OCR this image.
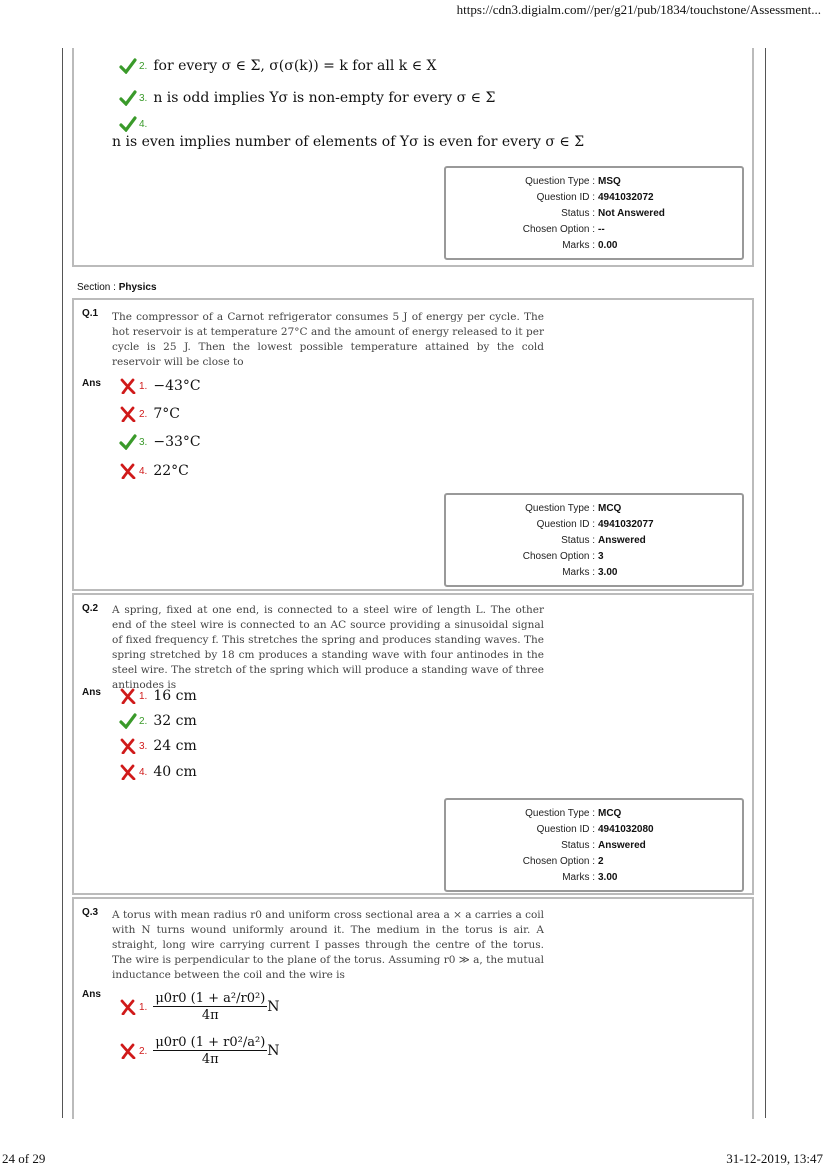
https://cdn3.digialm.com//per/g21/pub/1834/touchstone/Assessment...
2. for every σ ∈ Σ, σ(σ(k)) = k for all k ∈ X
3. n is odd implies Yσ is non-empty for every σ ∈ Σ
4.
n is even implies number of elements of Yσ is even for every σ ∈ Σ
Question Type : MSQ
Question ID : 4941032072
Status : Not Answered
Chosen Option : --
Marks : 0.00
Section : Physics
Q.1 The compressor of a Carnot refrigerator consumes 5 J of energy per cycle. The hot reservoir is at temperature 27°C and the amount of energy released to it per cycle is 25 J. Then the lowest possible temperature attained by the cold reservoir will be close to
Ans	1. −43°C
2. 7°C
3. −33°C
4. 22°C
Question Type : MCQ
Question ID : 4941032077
Status : Answered
Chosen Option : 3
Marks : 3.00
Q.2 A spring, fixed at one end, is connected to a steel wire of length L. The other end of the steel wire is connected to an AC source providing a sinusoidal signal of fixed frequency f. This stretches the spring and produces standing waves. The spring stretched by 18 cm produces a standing wave with four antinodes in the steel wire. The stretch of the spring which will produce a standing wave of three antinodes is
Ans	1. 16 cm
2. 32 cm
3. 24 cm
4. 40 cm
Question Type : MCQ
Question ID : 4941032080
Status : Answered
Chosen Option : 2
Marks : 3.00
Q.3 A torus with mean radius r0 and uniform cross sectional area a × a carries a coil with N turns wound uniformly around it. The medium in the torus is air. A straight, long wire carrying current I passes through the centre of the torus. The wire is perpendicular to the plane of the torus. Assuming r0 ≫ a, the mutual inductance between the coil and the wire is
Ans
1. $\frac{\text{μ0r0 (1 + a²/r0²)}}{4\pi}$ N
2. $\frac{\text{μ0r0 (1 + r0²/a²)}}{4\pi}$ N
24 of 29	31-12-2019, 13:47
